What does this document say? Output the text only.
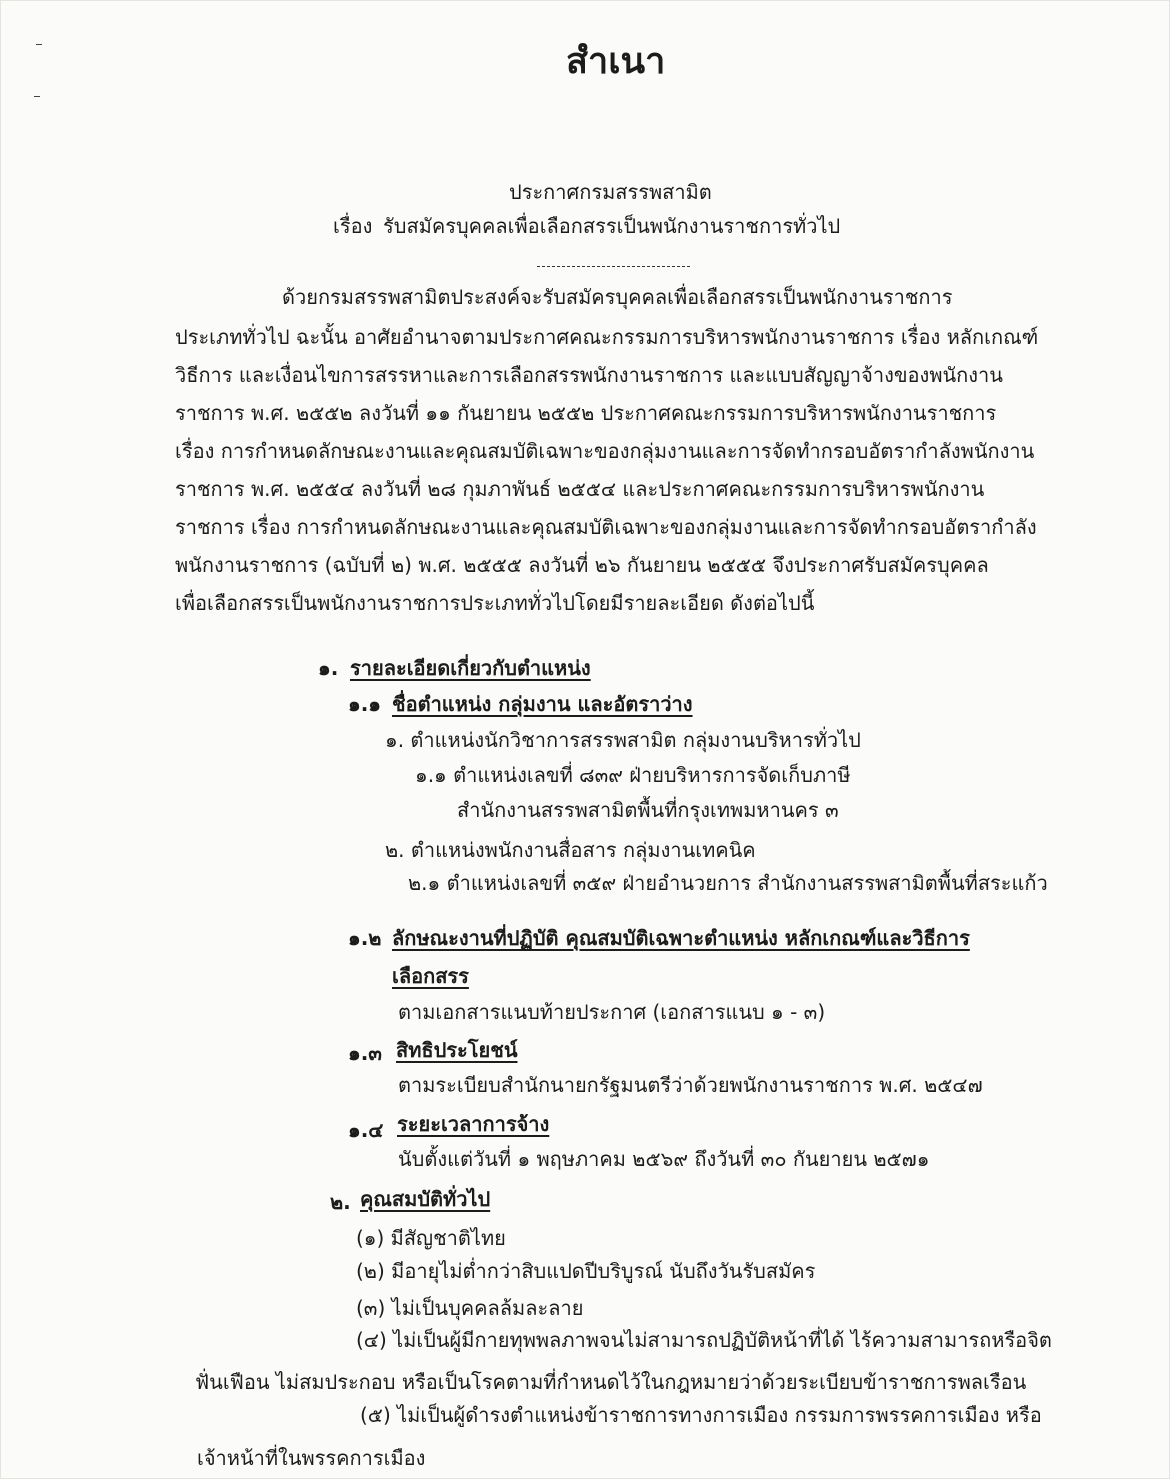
สำเนา
ประกาศกรมสรรพสามิต
เรื่อง รับสมัครบุคคลเพื่อเลือกสรรเป็นพนักงานราชการทั่วไป
ด้วยกรมสรรพสามิตประสงค์จะรับสมัครบุคคลเพื่อเลือกสรรเป็นพนักงานราชการ
ประเภททั่วไป ฉะนั้น อาศัยอำนาจตามประกาศคณะกรรมการบริหารพนักงานราชการ เรื่อง หลักเกณฑ์
วิธีการ และเงื่อนไขการสรรหาและการเลือกสรรพนักงานราชการ และแบบสัญญาจ้างของพนักงาน
ราชการ พ.ศ. ๒๕๕๒ ลงวันที่ ๑๑ กันยายน ๒๕๕๒ ประกาศคณะกรรมการบริหารพนักงานราชการ
เรื่อง การกำหนดลักษณะงานและคุณสมบัติเฉพาะของกลุ่มงานและการจัดทำกรอบอัตรากำลังพนักงาน
ราชการ พ.ศ. ๒๕๕๔ ลงวันที่ ๒๘ กุมภาพันธ์ ๒๕๕๔ และประกาศคณะกรรมการบริหารพนักงาน
ราชการ เรื่อง การกำหนดลักษณะงานและคุณสมบัติเฉพาะของกลุ่มงานและการจัดทำกรอบอัตรากำลัง
พนักงานราชการ (ฉบับที่ ๒) พ.ศ. ๒๕๕๕ ลงวันที่ ๒๖ กันยายน ๒๕๕๕ จึงประกาศรับสมัครบุคคล
เพื่อเลือกสรรเป็นพนักงานราชการประเภททั่วไปโดยมีรายละเอียด ดังต่อไปนี้
๑. รายละเอียดเกี่ยวกับตำแหน่ง
๑.๑ ชื่อตำแหน่ง กลุ่มงาน และอัตราว่าง
๑. ตำแหน่งนักวิชาการสรรพสามิต กลุ่มงานบริหารทั่วไป
๑.๑ ตำแหน่งเลขที่ ๘๓๙ ฝ่ายบริหารการจัดเก็บภาษี
สำนักงานสรรพสามิตพื้นที่กรุงเทพมหานคร ๓
๒. ตำแหน่งพนักงานสื่อสาร กลุ่มงานเทคนิค
๒.๑ ตำแหน่งเลขที่ ๓๕๙ ฝ่ายอำนวยการ สำนักงานสรรพสามิตพื้นที่สระแก้ว
๑.๒ ลักษณะงานที่ปฏิบัติ คุณสมบัติเฉพาะตำแหน่ง หลักเกณฑ์และวิธีการ
เลือกสรร
ตามเอกสารแนบท้ายประกาศ (เอกสารแนบ ๑ - ๓)
๑.๓ สิทธิประโยชน์
ตามระเบียบสำนักนายกรัฐมนตรีว่าด้วยพนักงานราชการ พ.ศ. ๒๕๔๗
๑.๔ ระยะเวลาการจ้าง
นับตั้งแต่วันที่ ๑ พฤษภาคม ๒๕๖๙ ถึงวันที่ ๓๐ กันยายน ๒๕๗๑
๒. คุณสมบัติทั่วไป
(๑) มีสัญชาติไทย
(๒) มีอายุไม่ต่ำกว่าสิบแปดปีบริบูรณ์ นับถึงวันรับสมัคร
(๓) ไม่เป็นบุคคลล้มละลาย
(๔) ไม่เป็นผู้มีกายทุพพลภาพจนไม่สามารถปฏิบัติหน้าที่ได้ ไร้ความสามารถหรือจิต
ฟั่นเฟือน ไม่สมประกอบ หรือเป็นโรคตามที่กำหนดไว้ในกฎหมายว่าด้วยระเบียบข้าราชการพลเรือน
(๕) ไม่เป็นผู้ดำรงตำแหน่งข้าราชการทางการเมือง กรรมการพรรคการเมือง หรือ
เจ้าหน้าที่ในพรรคการเมือง
